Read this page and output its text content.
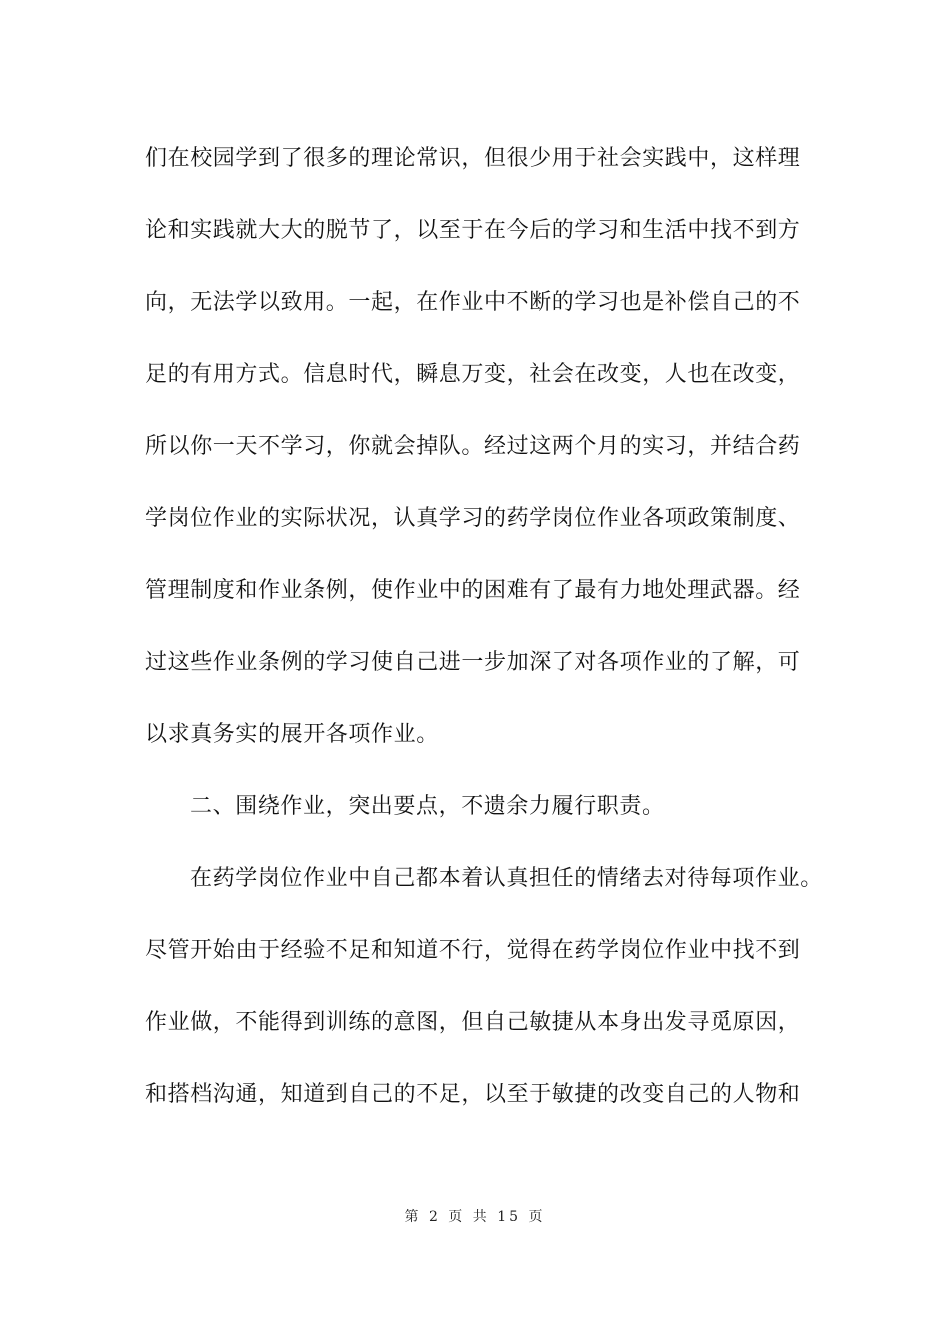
们在校园学到了很多的理论常识，但很少用于社会实践中，这样理
论和实践就大大的脱节了，以至于在今后的学习和生活中找不到方
向，无法学以致用。一起，在作业中不断的学习也是补偿自己的不
足的有用方式。信息时代，瞬息万变，社会在改变，人也在改变，
所以你一天不学习，你就会掉队。经过这两个月的实习，并结合药
学岗位作业的实际状况，认真学习的药学岗位作业各项政策制度、
管理制度和作业条例，使作业中的困难有了最有力地处理武器。经
过这些作业条例的学习使自己进一步加深了对各项作业的了解，可
以求真务实的展开各项作业。
二、围绕作业，突出要点，不遗余力履行职责。
在药学岗位作业中自己都本着认真担任的情绪去对待每项作业。
尽管开始由于经验不足和知道不行，觉得在药学岗位作业中找不到
作业做，不能得到训练的意图，但自己敏捷从本身出发寻觅原因，
和搭档沟通，知道到自己的不足，以至于敏捷的改变自己的人物和
第 2 页 共 15 页
